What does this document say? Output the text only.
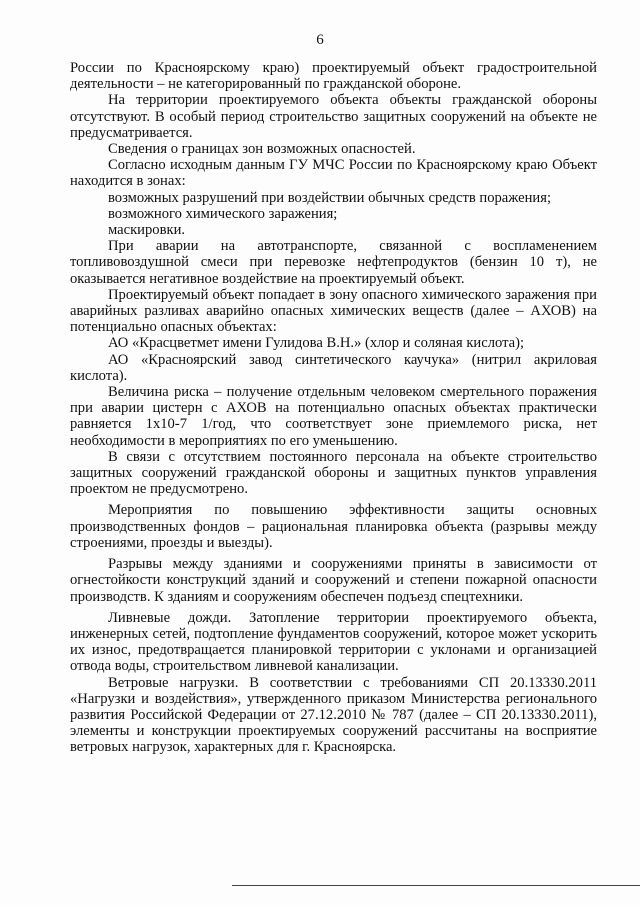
6

России по Красноярскому краю) проектируемый объект градостроительной деятельности – не категорированный по гражданской обороне.

На территории проектируемого объекта объекты гражданской обороны отсутствуют. В особый период строительство защитных сооружений на объекте не предусматривается.

Сведения о границах зон возможных опасностей.

Согласно исходным данным ГУ МЧС России по Красноярскому краю Объект находится в зонах:

возможных разрушений при воздействии обычных средств поражения;

возможного химического заражения;

маскировки.

При аварии на автотранспорте, связанной с воспламенением топливовоздушной смеси при перевозке нефтепродуктов (бензин 10 т), не оказывается негативное воздействие на проектируемый объект.

Проектируемый объект попадает в зону опасного химического заражения при аварийных разливах аварийно опасных химических веществ (далее – АХОВ) на потенциально опасных объектах:

АО «Красцветмет имени Гулидова В.Н.» (хлор и соляная кислота);

АО «Красноярский завод синтетического каучука» (нитрил акриловая кислота).

Величина риска – получение отдельным человеком смертельного поражения при аварии цистерн с АХОВ на потенциально опасных объектах практически равняется 1х10-7 1/год, что соответствует зоне приемлемого риска, нет необходимости в мероприятиях по его уменьшению.

В связи с отсутствием постоянного персонала на объекте строительство защитных сооружений гражданской обороны и защитных пунктов управления проектом не предусмотрено.

Мероприятия по повышению эффективности защиты основных производственных фондов – рациональная планировка объекта (разрывы между строениями, проезды и выезды).

Разрывы между зданиями и сооружениями приняты в зависимости от огнестойкости конструкций зданий и сооружений и степени пожарной опасности производств. К зданиям и сооружениям обеспечен подъезд спецтехники.

Ливневые дожди. Затопление территории проектируемого объекта, инженерных сетей, подтопление фундаментов сооружений, которое может ускорить их износ, предотвращается планировкой территории с уклонами и организацией отвода воды, строительством ливневой канализации.

Ветровые нагрузки. В соответствии с требованиями СП 20.13330.2011 «Нагрузки и воздействия», утвержденного приказом Министерства регионального развития Российской Федерации от 27.12.2010 № 787 (далее – СП 20.13330.2011), элементы и конструкции проектируемых сооружений рассчитаны на восприятие ветровых нагрузок, характерных для г. Красноярска.
